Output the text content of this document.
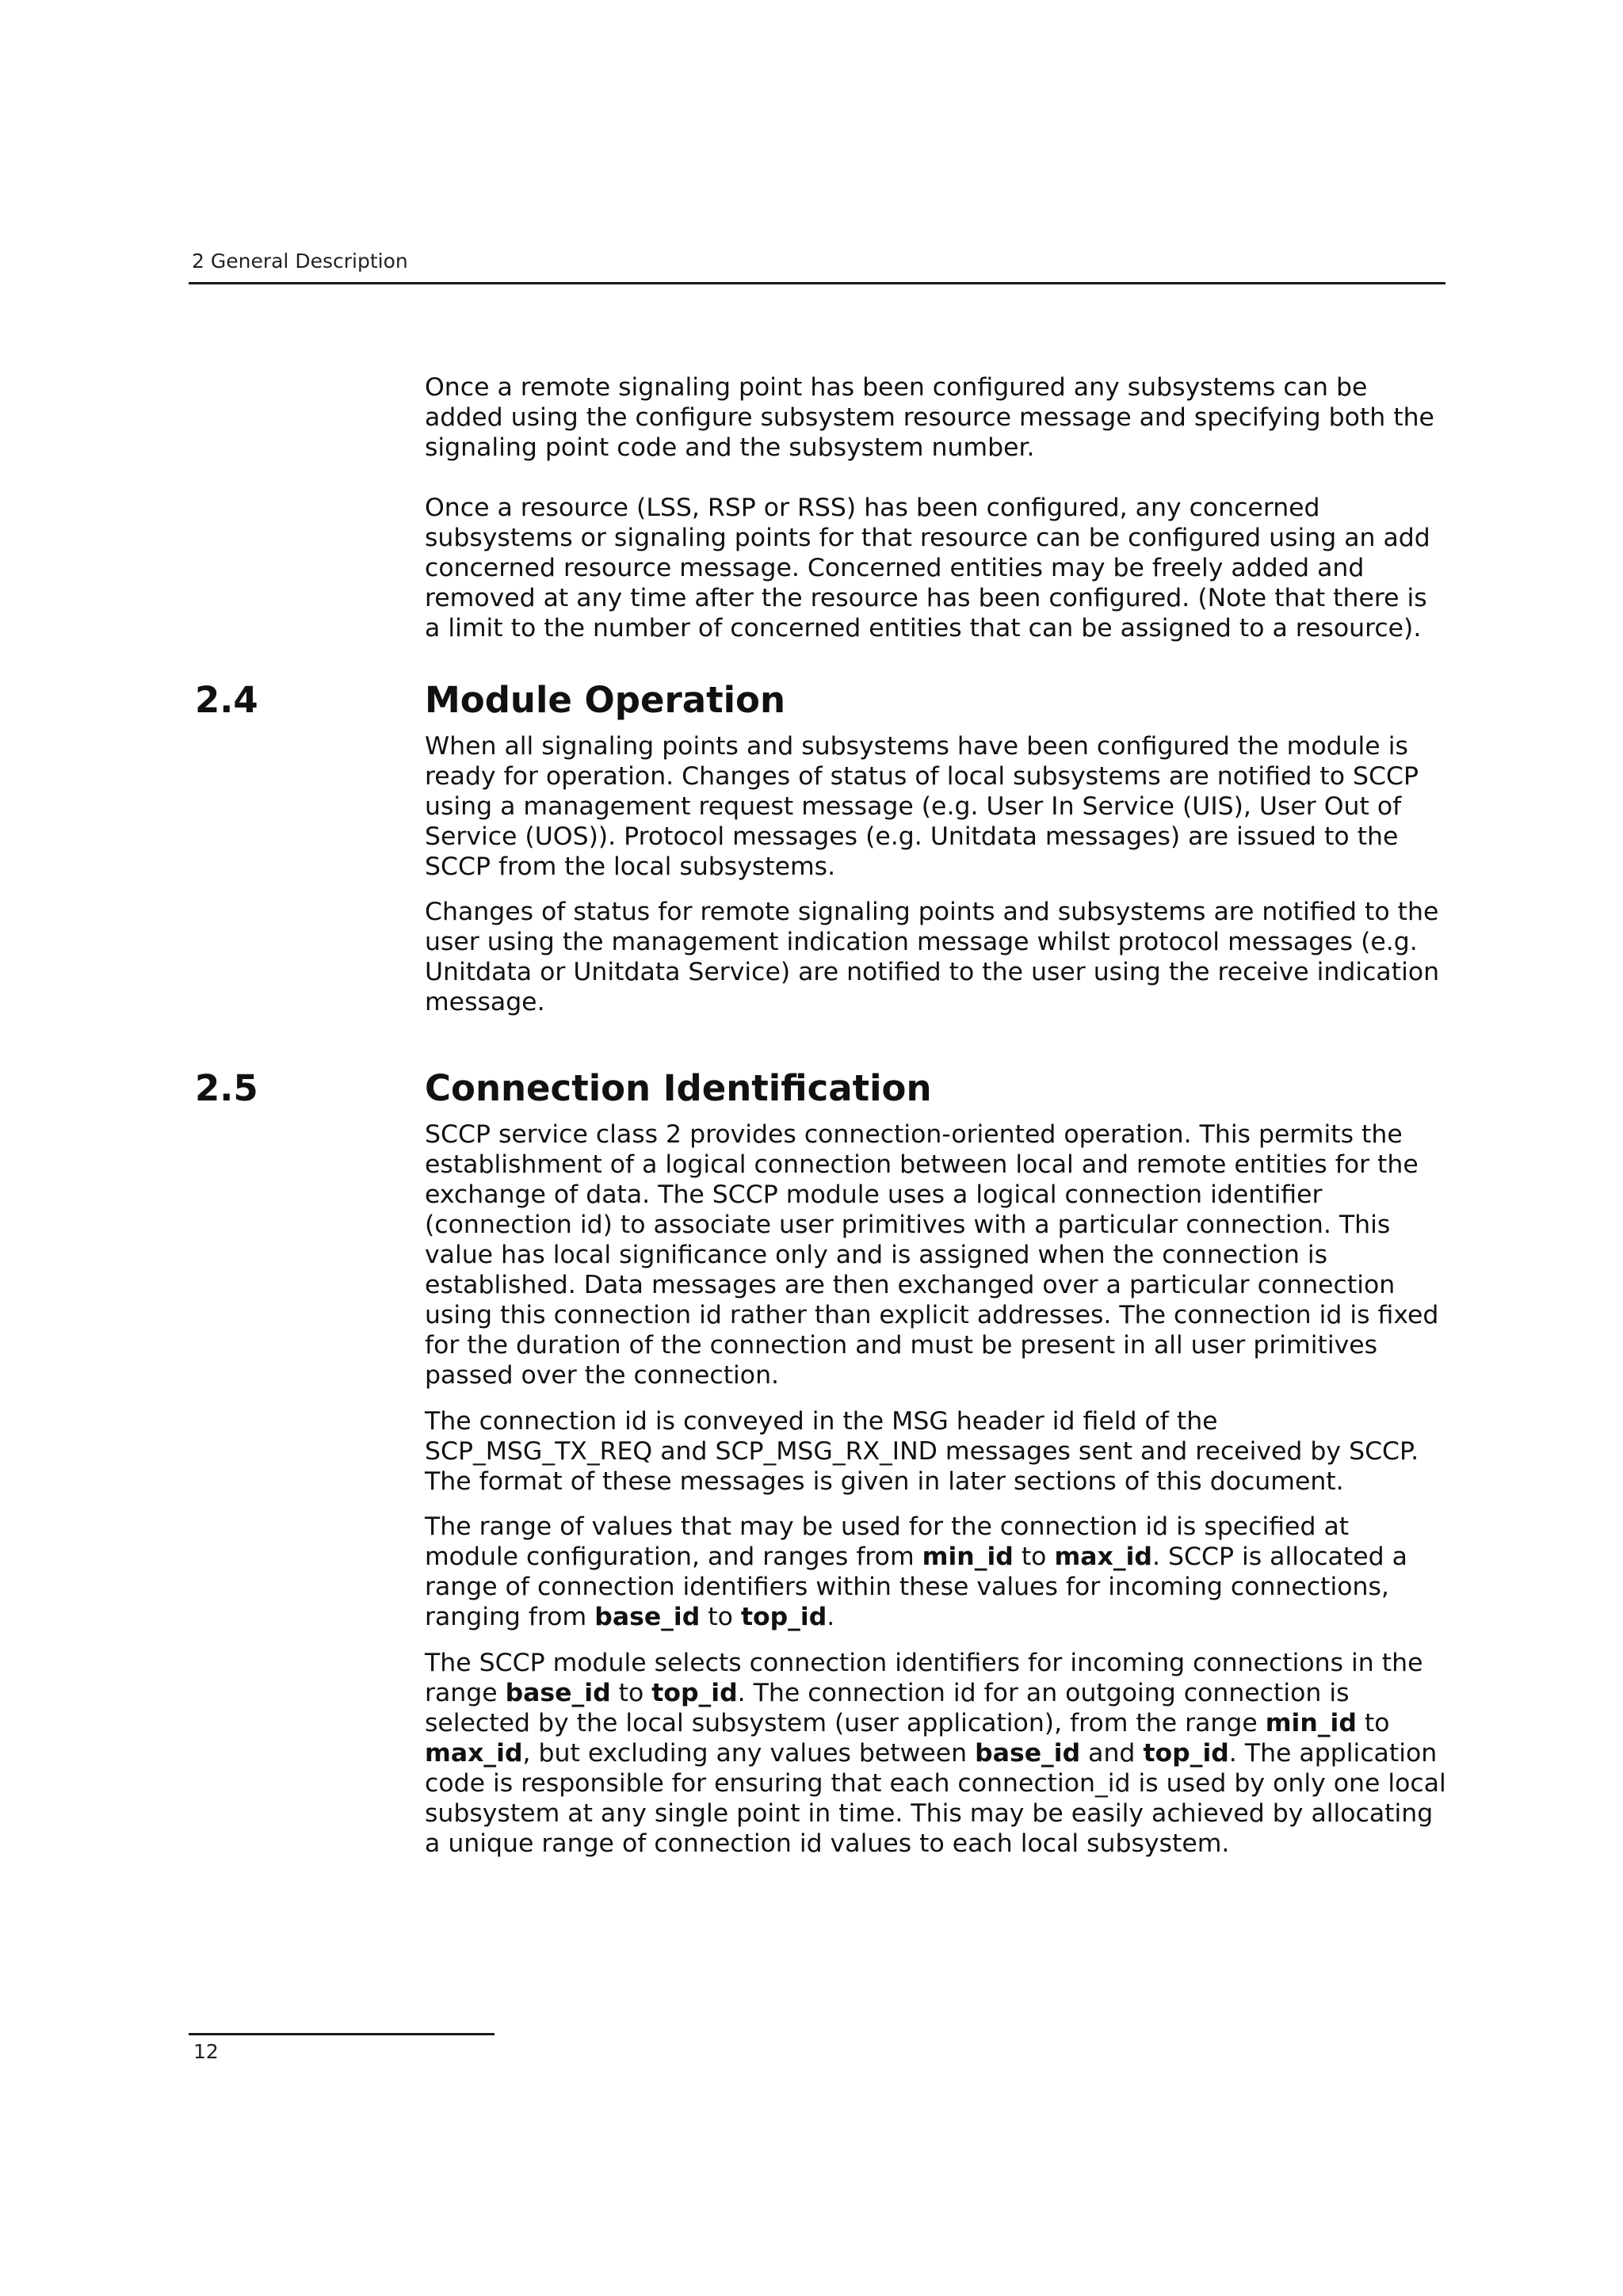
2 General Description

Once a remote signaling point has been configured any subsystems can be added using the configure subsystem resource message and specifying both the signaling point code and the subsystem number.

Once a resource (LSS, RSP or RSS) has been configured, any concerned subsystems or signaling points for that resource can be configured using an add concerned resource message. Concerned entities may be freely added and removed at any time after the resource has been configured. (Note that there is a limit to the number of concerned entities that can be assigned to a resource).

2.4	Module Operation

When all signaling points and subsystems have been configured the module is ready for operation. Changes of status of local subsystems are notified to SCCP using a management request message (e.g. User In Service (UIS), User Out of Service (UOS)). Protocol messages (e.g. Unitdata messages) are issued to the SCCP from the local subsystems.

Changes of status for remote signaling points and subsystems are notified to the user using the management indication message whilst protocol messages (e.g. Unitdata or Unitdata Service) are notified to the user using the receive indication message.

2.5	Connection Identification

SCCP service class 2 provides connection-oriented operation. This permits the establishment of a logical connection between local and remote entities for the exchange of data. The SCCP module uses a logical connection identifier (connection id) to associate user primitives with a particular connection. This value has local significance only and is assigned when the connection is established. Data messages are then exchanged over a particular connection using this connection id rather than explicit addresses. The connection id is fixed for the duration of the connection and must be present in all user primitives passed over the connection.

The connection id is conveyed in the MSG header id field of the SCP_MSG_TX_REQ and SCP_MSG_RX_IND messages sent and received by SCCP. The format of these messages is given in later sections of this document.

The range of values that may be used for the connection id is specified at module configuration, and ranges from min_id to max_id. SCCP is allocated a range of connection identifiers within these values for incoming connections, ranging from base_id to top_id.

The SCCP module selects connection identifiers for incoming connections in the range base_id to top_id. The connection id for an outgoing connection is selected by the local subsystem (user application), from the range min_id to max_id, but excluding any values between base_id and top_id. The application code is responsible for ensuring that each connection_id is used by only one local subsystem at any single point in time. This may be easily achieved by allocating a unique range of connection id values to each local subsystem.

12
